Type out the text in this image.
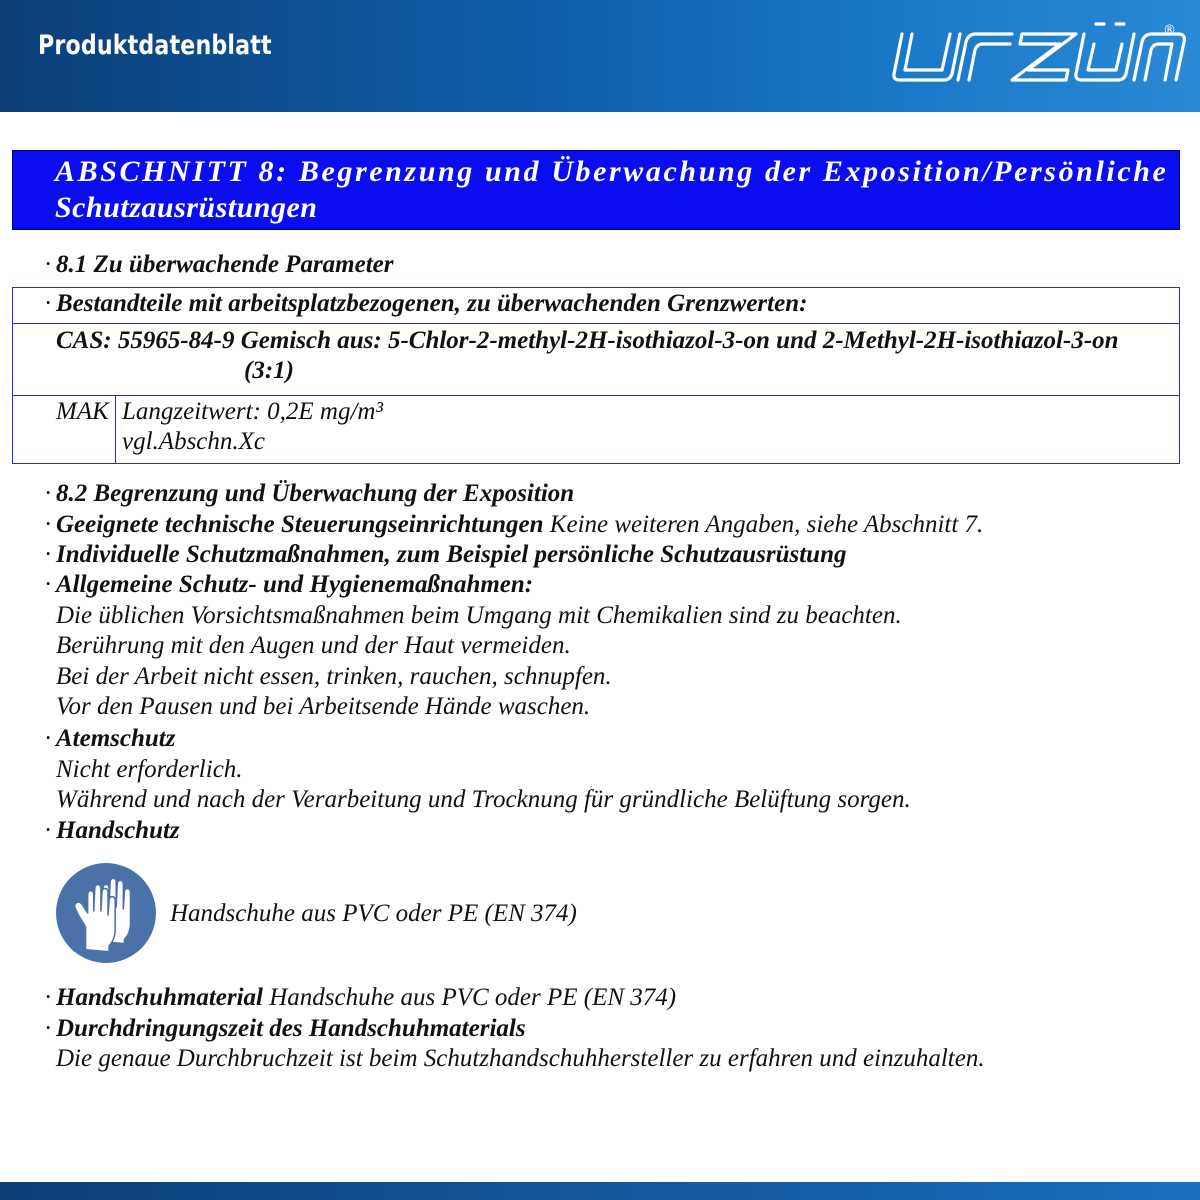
Produktdatenblatt	®
ABSCHNITT 8: Begrenzung und Überwachung der Exposition/Persönliche
Schutzausrüstungen
· 8.1 Zu überwachende Parameter
· Bestandteile mit arbeitsplatzbezogenen, zu überwachenden Grenzwerten:
CAS: 55965-84-9 Gemisch aus: 5-Chlor-2-methyl-2H-isothiazol-3-on und 2-Methyl-2H-isothiazol-3-on
(3:1)
MAK Langzeitwert: 0,2E mg/m³
vgl.Abschn.Xc
· 8.2 Begrenzung und Überwachung der Exposition
· Geeignete technische Steuerungseinrichtungen Keine weiteren Angaben, siehe Abschnitt 7.
· Individuelle Schutzmaßnahmen, zum Beispiel persönliche Schutzausrüstung
· Allgemeine Schutz- und Hygienemaßnahmen:
Die üblichen Vorsichtsmaßnahmen beim Umgang mit Chemikalien sind zu beachten.
Berührung mit den Augen und der Haut vermeiden.
Bei der Arbeit nicht essen, trinken, rauchen, schnupfen.
Vor den Pausen und bei Arbeitsende Hände waschen.
· Atemschutz
Nicht erforderlich.
Während und nach der Verarbeitung und Trocknung für gründliche Belüftung sorgen.
· Handschutz
Handschuhe aus PVC oder PE (EN 374)
· Handschuhmaterial Handschuhe aus PVC oder PE (EN 374)
· Durchdringungszeit des Handschuhmaterials
Die genaue Durchbruchzeit ist beim Schutzhandschuhhersteller zu erfahren und einzuhalten.
